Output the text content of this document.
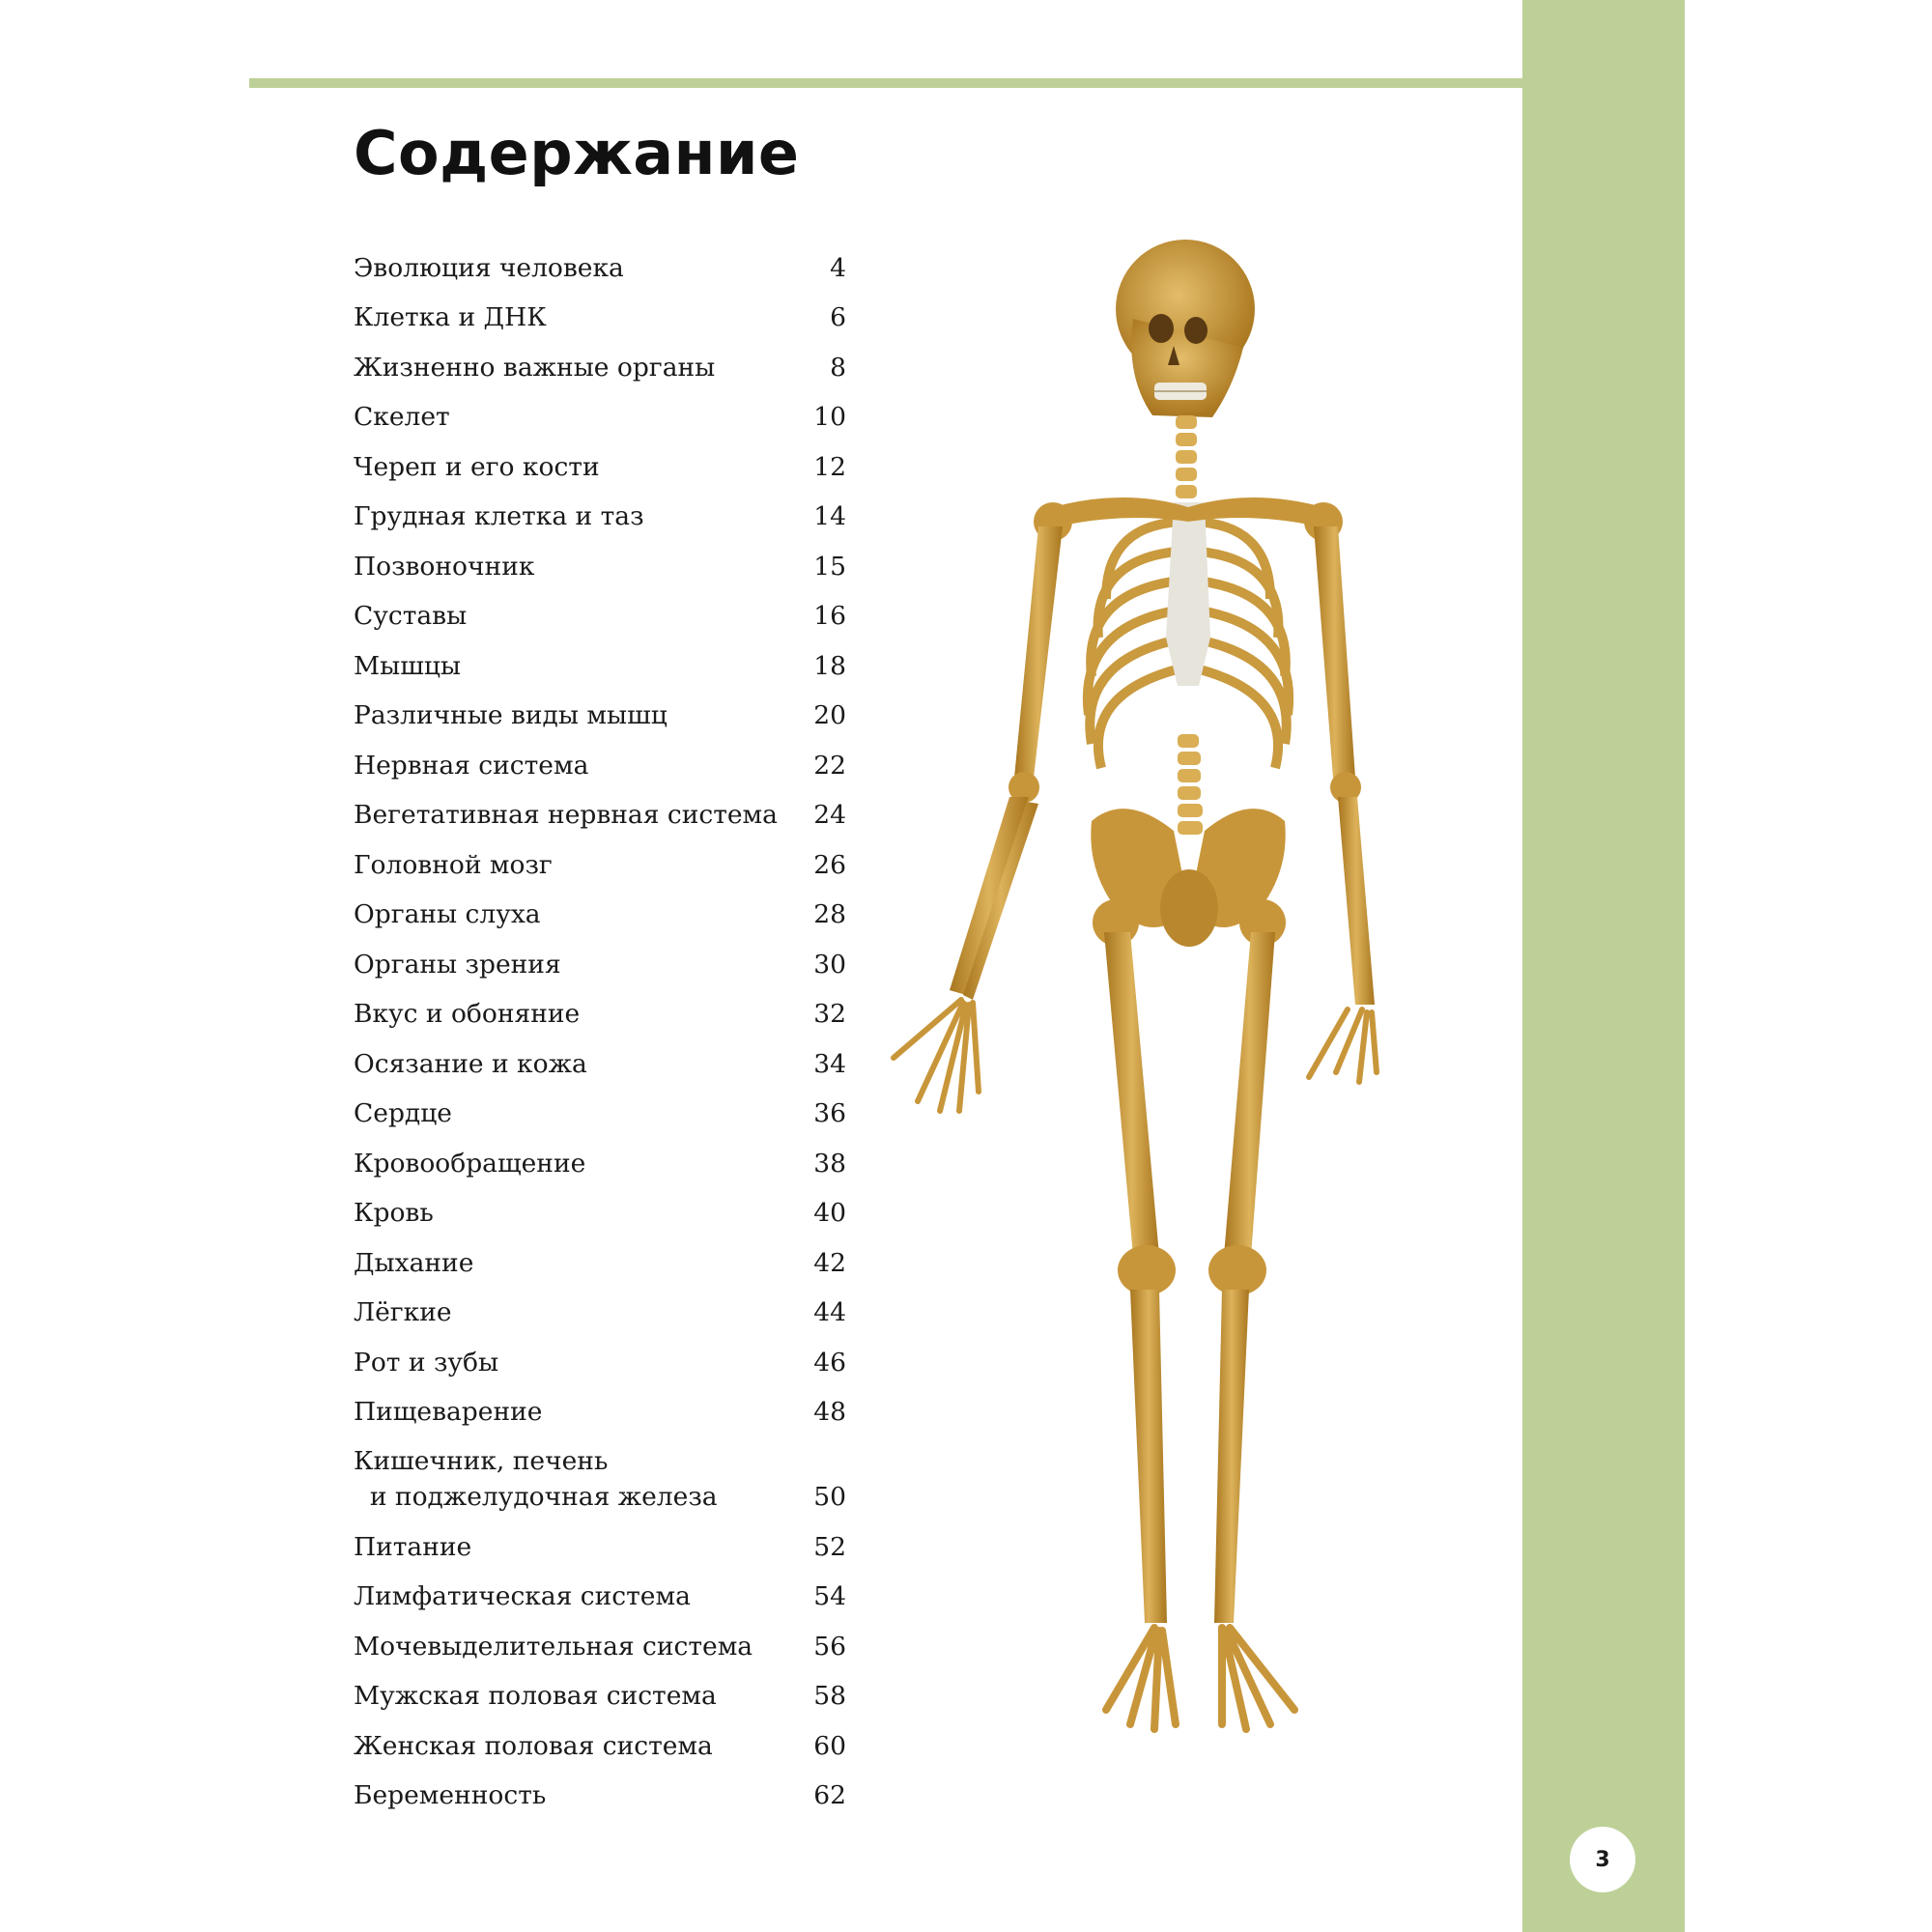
Содержание
Эволюция человека	4
Клетка и ДНК	6
Жизненно важные органы	8
Скелет	10
Череп и его кости	12
Грудная клетка и таз	14
Позвоночник	15
Суставы	16
Мышцы	18
Различные виды мышц	20
Нервная система	22
Вегетативная нервная система	24
Головной мозг	26
Органы слуха	28
Органы зрения	30
Вкус и обоняние	32
Осязание и кожа	34
Сердце	36
Кровообращение	38
Кровь	40
Дыхание	42
Лёгкие	44
Рот и зубы	46
Пищеварение	48
Кишечник, печень
и поджелудочная железа	50
Питание	52
Лимфатическая система	54
Мочевыделительная система	56
Мужская половая система	58
Женская половая система	60
Беременность	62
3
